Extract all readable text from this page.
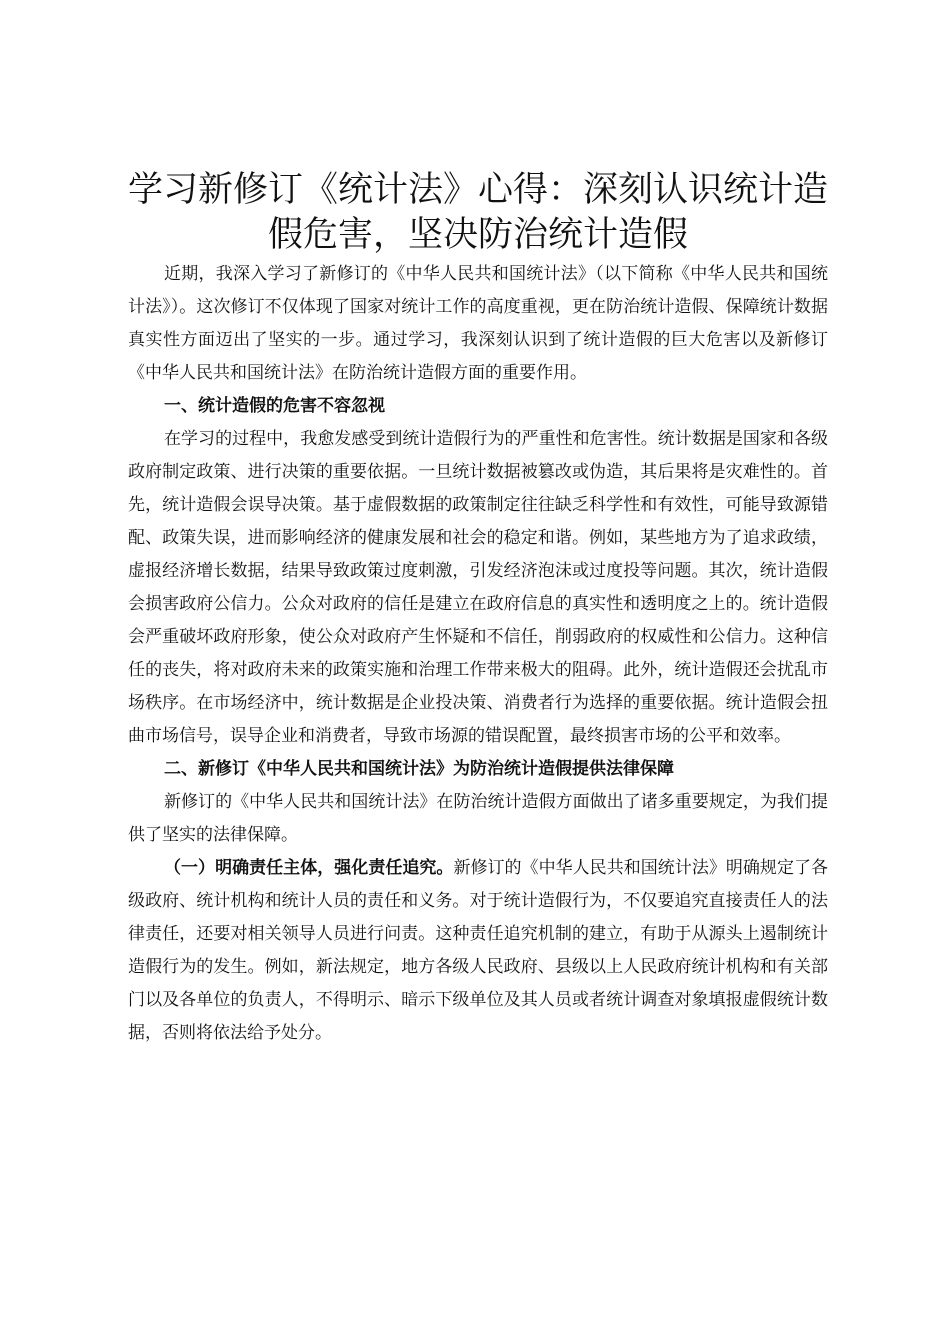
学习新修订《统计法》心得：深刻认识统计造假危害，坚决防治统计造假

近期，我深入学习了新修订的《中华人民共和国统计法》（以下简称《中华人民共和国统计法》）。这次修订不仅体现了国家对统计工作的高度重视，更在防治统计造假、保障统计数据真实性方面迈出了坚实的一步。通过学习，我深刻认识到了统计造假的巨大危害以及新修订《中华人民共和国统计法》在防治统计造假方面的重要作用。

一、统计造假的危害不容忽视

在学习的过程中，我愈发感受到统计造假行为的严重性和危害性。统计数据是国家和各级政府制定政策、进行决策的重要依据。一旦统计数据被篡改或伪造，其后果将是灾难性的。首先，统计造假会误导决策。基于虚假数据的政策制定往往缺乏科学性和有效性，可能导致源错配、政策失误，进而影响经济的健康发展和社会的稳定和谐。例如，某些地方为了追求政绩，虚报经济增长数据，结果导致政策过度刺激，引发经济泡沫或过度投等问题。其次，统计造假会损害政府公信力。公众对政府的信任是建立在政府信息的真实性和透明度之上的。统计造假会严重破坏政府形象，使公众对政府产生怀疑和不信任，削弱政府的权威性和公信力。这种信任的丧失，将对政府未来的政策实施和治理工作带来极大的阻碍。此外，统计造假还会扰乱市场秩序。在市场经济中，统计数据是企业投决策、消费者行为选择的重要依据。统计造假会扭曲市场信号，误导企业和消费者，导致市场源的错误配置，最终损害市场的公平和效率。

二、新修订《中华人民共和国统计法》为防治统计造假提供法律保障

新修订的《中华人民共和国统计法》在防治统计造假方面做出了诸多重要规定，为我们提供了坚实的法律保障。

（一）明确责任主体，强化责任追究。新修订的《中华人民共和国统计法》明确规定了各级政府、统计机构和统计人员的责任和义务。对于统计造假行为，不仅要追究直接责任人的法律责任，还要对相关领导人员进行问责。这种责任追究机制的建立，有助于从源头上遏制统计造假行为的发生。例如，新法规定，地方各级人民政府、县级以上人民政府统计机构和有关部门以及各单位的负责人，不得明示、暗示下级单位及其人员或者统计调查对象填报虚假统计数据，否则将依法给予处分。
